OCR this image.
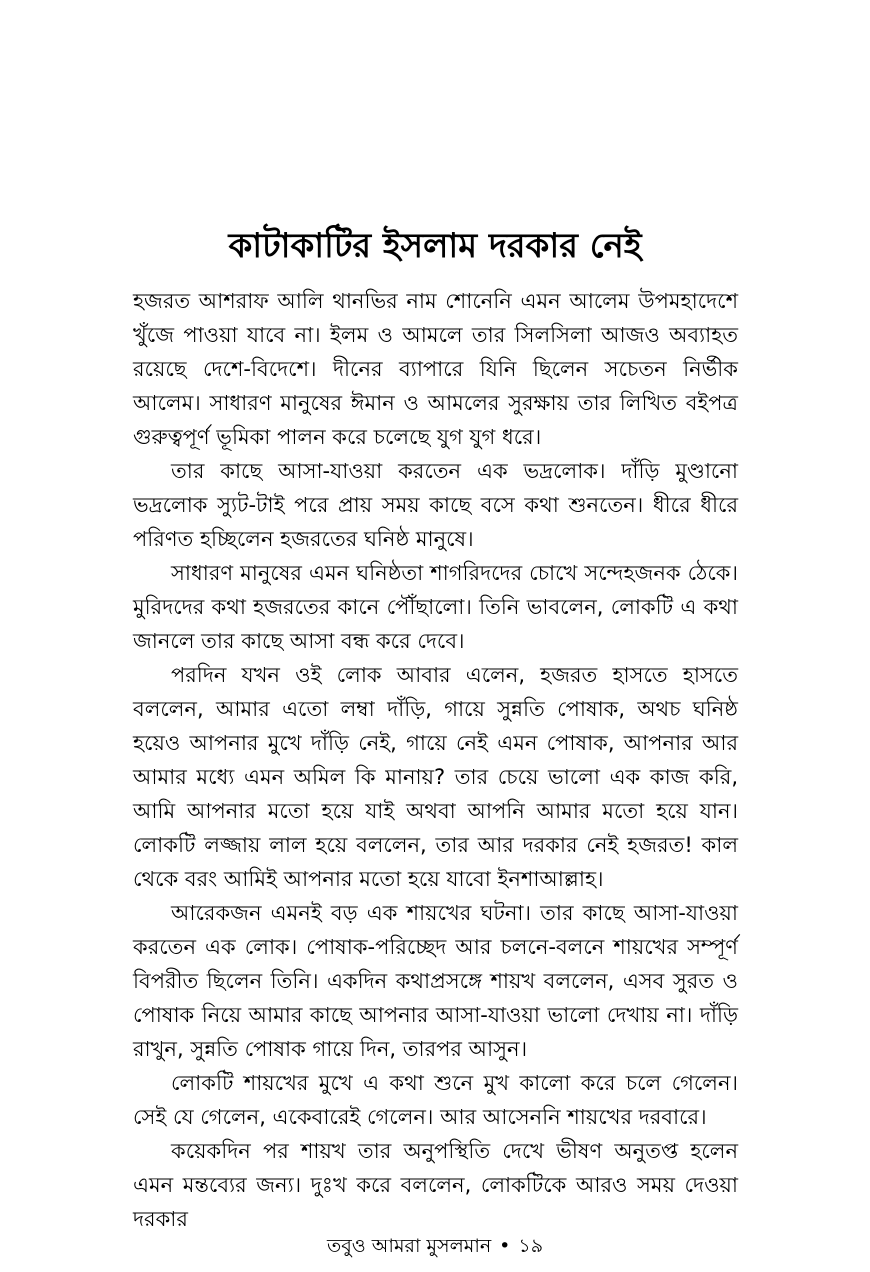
কাটাকাটির ইসলাম দরকার নেই

হজরত আশরাফ আলি থানভির নাম শোনেনি এমন আলেম উপমহাদেশে খুঁজে পাওয়া যাবে না। ইলম ও আমলে তার সিলসিলা আজও অব্যাহত রয়েছে দেশে-বিদেশে। দীনের ব্যাপারে যিনি ছিলেন সচেতন নির্ভীক আলেম। সাধারণ মানুষের ঈমান ও আমলের সুরক্ষায় তার লিখিত বইপত্র গুরুত্বপূর্ণ ভূমিকা পালন করে চলেছে যুগ যুগ ধরে।

তার কাছে আসা-যাওয়া করতেন এক ভদ্রলোক। দাঁড়ি মুণ্ডানো ভদ্রলোক স্যুট-টাই পরে প্রায় সময় কাছে বসে কথা শুনতেন। ধীরে ধীরে পরিণত হচ্ছিলেন হজরতের ঘনিষ্ঠ মানুষে।

সাধারণ মানুষের এমন ঘনিষ্ঠতা শাগরিদদের চোখে সন্দেহজনক ঠেকে। মুরিদদের কথা হজরতের কানে পৌঁছালো। তিনি ভাবলেন, লোকটি এ কথা জানলে তার কাছে আসা বন্ধ করে দেবে।

পরদিন যখন ওই লোক আবার এলেন, হজরত হাসতে হাসতে বললেন, আমার এতো লম্বা দাঁড়ি, গায়ে সুন্নতি পোষাক, অথচ ঘনিষ্ঠ হয়েও আপনার মুখে দাঁড়ি নেই, গায়ে নেই এমন পোষাক, আপনার আর আমার মধ্যে এমন অমিল কি মানায়? তার চেয়ে ভালো এক কাজ করি, আমি আপনার মতো হয়ে যাই অথবা আপনি আমার মতো হয়ে যান। লোকটি লজ্জায় লাল হয়ে বললেন, তার আর দরকার নেই হজরত! কাল থেকে বরং আমিই আপনার মতো হয়ে যাবো ইনশাআল্লাহ।

আরেকজন এমনই বড় এক শায়খের ঘটনা। তার কাছে আসা-যাওয়া করতেন এক লোক। পোষাক-পরিচ্ছেদ আর চলনে-বলনে শায়খের সম্পূর্ণ বিপরীত ছিলেন তিনি। একদিন কথাপ্রসঙ্গে শায়খ বললেন, এসব সুরত ও পোষাক নিয়ে আমার কাছে আপনার আসা-যাওয়া ভালো দেখায় না। দাঁড়ি রাখুন, সুন্নতি পোষাক গায়ে দিন, তারপর আসুন।

লোকটি শায়খের মুখে এ কথা শুনে মুখ কালো করে চলে গেলেন। সেই যে গেলেন, একেবারেই গেলেন। আর আসেননি শায়খের দরবারে।

কয়েকদিন পর শায়খ তার অনুপস্থিতি দেখে ভীষণ অনুতপ্ত হলেন এমন মন্তব্যের জন্য। দুঃখ করে বললেন, লোকটিকে আরও সময় দেওয়া দরকার

তবুও আমরা মুসলমান • ১৯
